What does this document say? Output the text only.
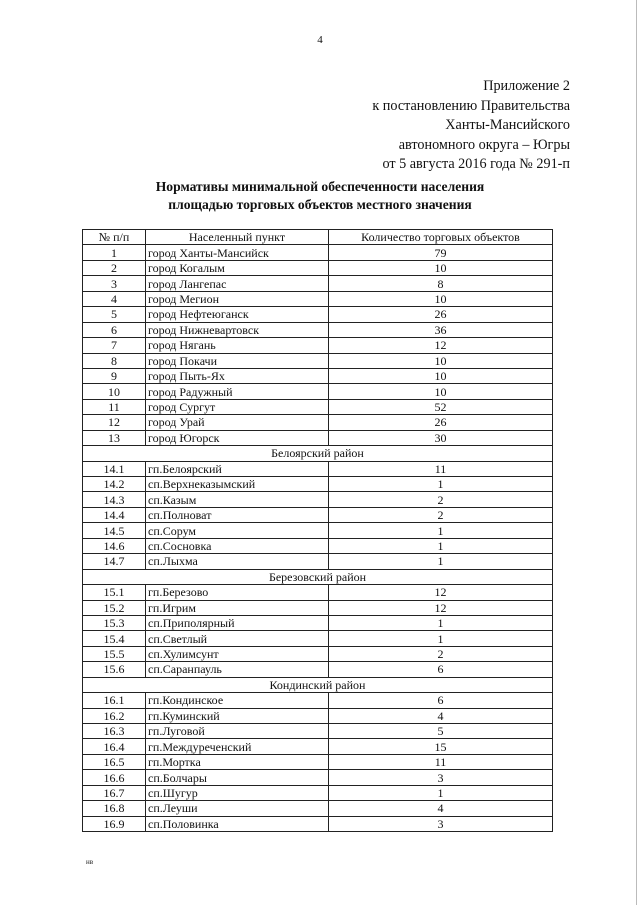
4
Приложение 2
к постановлению Правительства
Ханты-Мансийского
автономного округа – Югры
от 5 августа 2016 года № 291-п
Нормативы минимальной обеспеченности населения
площадью торговых объектов местного значения
№ п/п	Населенный пункт	Количество торговых объектов
1	город Ханты-Мансийск	79
2	город Когалым	10
3	город Лангепас	8
4	город Мегион	10
5	город Нефтеюганск	26
6	город Нижневартовск	36
7	город Нягань	12
8	город Покачи	10
9	город Пыть-Ях	10
10	город Радужный	10
11	город Сургут	52
12	город Урай	26
13	город Югорск	30
Белоярский район		
14.1	гп.Белоярский	11
14.2	сп.Верхнеказымский	1
14.3	сп.Казым	2
14.4	сп.Полноват	2
14.5	сп.Сорум	1
14.6	сп.Сосновка	1
14.7	сп.Лыхма	1
Березовский район		
15.1	гп.Березово	12
15.2	гп.Игрим	12
15.3	сп.Приполярный	1
15.4	сп.Светлый	1
15.5	сп.Хулимсунт	2
15.6	сп.Саранпауль	6
Кондинский район		
16.1	гп.Кондинское	6
16.2	гп.Куминский	4
16.3	гп.Луговой	5
16.4	гп.Междуреченский	15
16.5	гп.Мортка	11
16.6	сп.Болчары	3
16.7	сп.Шугур	1
16.8	сп.Леуши	4
16.9	сп.Половинка	3
нв
